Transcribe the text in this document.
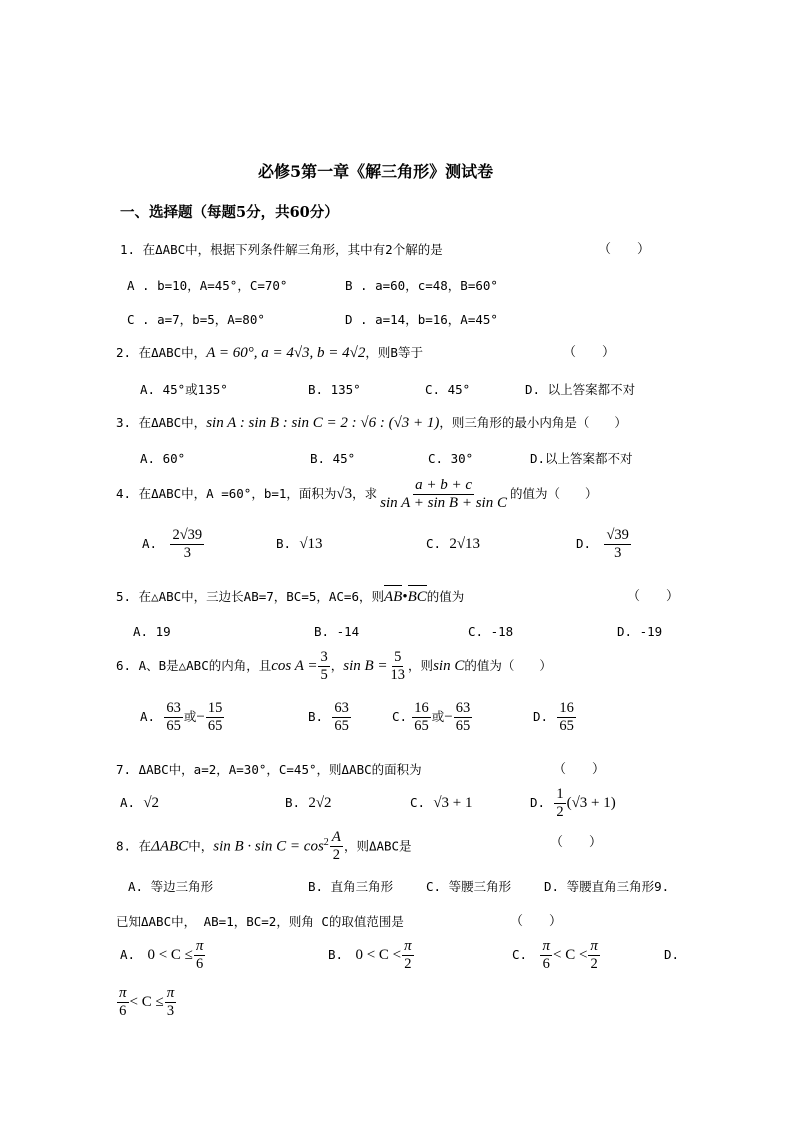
必修5第一章《解三角形》测试卷
一、选择题（每题5分，共60分）
1. 在ΔABC中，根据下列条件解三角形，其中有2个解的是	（　　）
A . b=10，A=45°，C=70°	B . a=60，c=48，B=60°
C . a=7，b=5，A=80°	D . a=14，b=16，A=45°
2. 在ΔABC中，A = 60°, a = 4√3, b = 4√2，则B等于	（　　）
A. 45°或135°	B. 135°	C. 45°	D. 以上答案都不对
3. 在ΔABC中，sin A : sin B : sin C = 2 : √6 : (√3 + 1)，则三角形的最小内角是（　　）
A. 60°	B. 45°	C. 30°	D.以上答案都不对
4. 在ΔABC中，A =60°，b=1，面积为√3，求 $\frac{a + b + c}{\text{sin A + sin B + sin C}}$ 的值为（　　）
A. $\frac{2√39}{3}$	B. √13	C. 2√13	D. $\frac{√39}{3}$
5. 在△ABC中，三边长AB=7，BC=5，AC=6，则AB•BC的值为	（　　）
A. 19	B. -14	C. -18	D. -19
6. A、B是△ABC的内角，且$\cos A = \frac{3}{5}$ ，$\sin B = \frac{5}{13}$ ，则sin C的值为（　　）
A. $\frac{63}{65}$ 或− $\frac{15}{65}$	B. $\frac{63}{65}$	C. $\frac{16}{65}$ 或− $\frac{63}{65}$	D. $\frac{16}{65}$
7. ΔABC中，a=2，A=30°，C=45°，则ΔABC的面积为	（　　）
A. √2	B. 2√2	C. √3 + 1	D. $\frac{1}{2} (√3 + 1)$
8. 在ΔABC中，$\sin B \cdot \sin C = \cos^2 \frac{A}{2}$ ，则ΔABC是	（　　）
A. 等边三角形	B. 直角三角形	C. 等腰三角形	D. 等腰直角三角形9.
已知ΔABC中， AB=1，BC=2，则角 C的取值范围是	（　　）
A. $0 < C \le \frac{\pi}{6}$	B. $0 < C < \frac{\pi}{2}$	C. $\frac{\pi}{6} < C < \frac{\pi}{2}$	D.
$\frac{\pi}{6} < C \le \frac{\pi}{3}$
